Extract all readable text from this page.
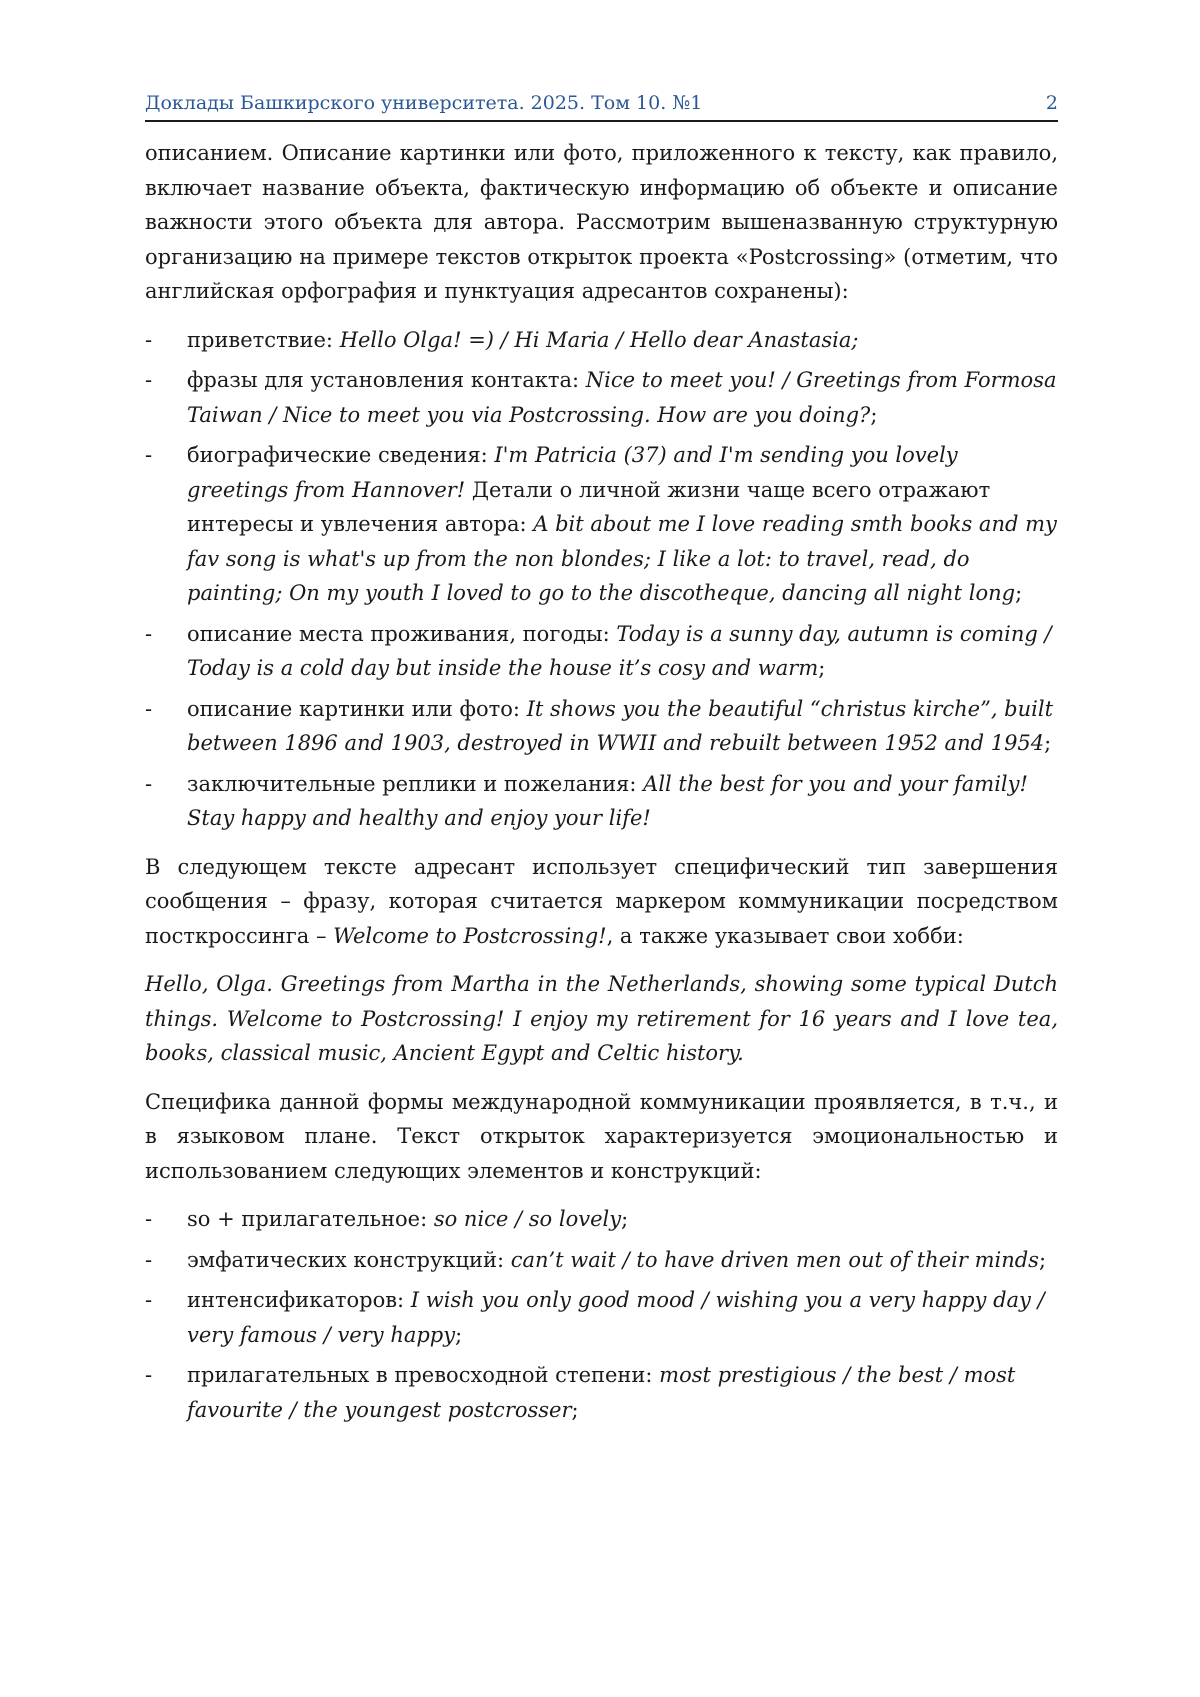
Доклады Башкирского университета. 2025. Том 10. №1	2

описанием. Описание картинки или фото, приложенного к тексту, как правило, включает название объекта, фактическую информацию об объекте и описание важности этого объекта для автора. Рассмотрим вышеназванную структурную организацию на примере текстов открыток проекта «Postcrossing» (отметим, что английская орфография и пунктуация адресантов сохранены):

- приветствие: Hello Olga! =) / Hi Maria / Hello dear Anastasia;
- фразы для установления контакта: Nice to meet you! / Greetings from Formosa Taiwan / Nice to meet you via Postcrossing. How are you doing?;
- биографические сведения: I'm Patricia (37) and I'm sending you lovely greetings from Hannover! Детали о личной жизни чаще всего отражают интересы и увлечения автора: A bit about me I love reading smth books and my fav song is what's up from the non blondes; I like a lot: to travel, read, do painting; On my youth I loved to go to the discotheque, dancing all night long;
- описание места проживания, погоды: Today is a sunny day, autumn is coming / Today is a cold day but inside the house it’s cosy and warm;
- описание картинки или фото: It shows you the beautiful “christus kirche”, built between 1896 and 1903, destroyed in WWII and rebuilt between 1952 and 1954;
- заключительные реплики и пожелания: All the best for you and your family! Stay happy and healthy and enjoy your life!

В следующем тексте адресант использует специфический тип завершения сообщения – фразу, которая считается маркером коммуникации посредством посткроссинга – Welcome to Postcrossing!, а также указывает свои хобби:

Hello, Olga. Greetings from Martha in the Netherlands, showing some typical Dutch things. Welcome to Postcrossing! I enjoy my retirement for 16 years and I love tea, books, classical music, Ancient Egypt and Celtic history.

Специфика данной формы международной коммуникации проявляется, в т.ч., и в языковом плане. Текст открыток характеризуется эмоциональностью и использованием следующих элементов и конструкций:

- so + прилагательное: so nice / so lovely;
- эмфатических конструкций: can’t wait / to have driven men out of their minds;
- интенсификаторов: I wish you only good mood / wishing you a very happy day / very famous / very happy;
- прилагательных в превосходной степени: most prestigious / the best / most favourite / the youngest postcrosser;
